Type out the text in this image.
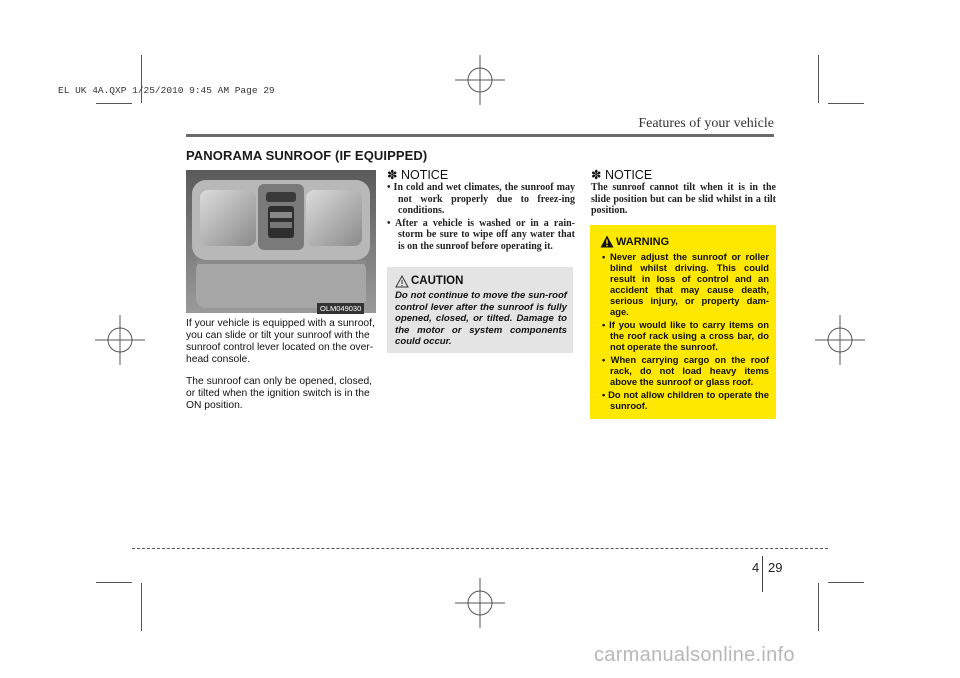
EL UK 4A.QXP 1/25/2010 9:45 AM Page 29
Features of your vehicle
PANORAMA SUNROOF (IF EQUIPPED)
OLM049030
If your vehicle is equipped with a sunroof, you can slide or tilt your sunroof with the sunroof control lever located on the over-head console.
The sunroof can only be opened, closed, or tilted when the ignition switch is in the ON position.
✽ NOTICE
• In cold and wet climates, the sunroof may not work properly due to freez-ing conditions.
• After a vehicle is washed or in a rain-storm be sure to wipe off any water that is on the sunroof before operating it.
CAUTION
Do not continue to move the sun-roof control lever after the sunroof is fully opened, closed, or tilted. Damage to the motor or system components could occur.
✽ NOTICE
The sunroof cannot tilt when it is in the slide position but can be slid whilst in a tilt position.
WARNING
• Never adjust the sunroof or roller blind whilst driving. This could result in loss of control and an accident that may cause death, serious injury, or property dam-age.
• If you would like to carry items on the roof rack using a cross bar, do not operate the sunroof.
• When carrying cargo on the roof rack, do not load heavy items above the sunroof or glass roof.
• Do not allow children to operate the sunroof.
4 29
carmanualsonline.info
